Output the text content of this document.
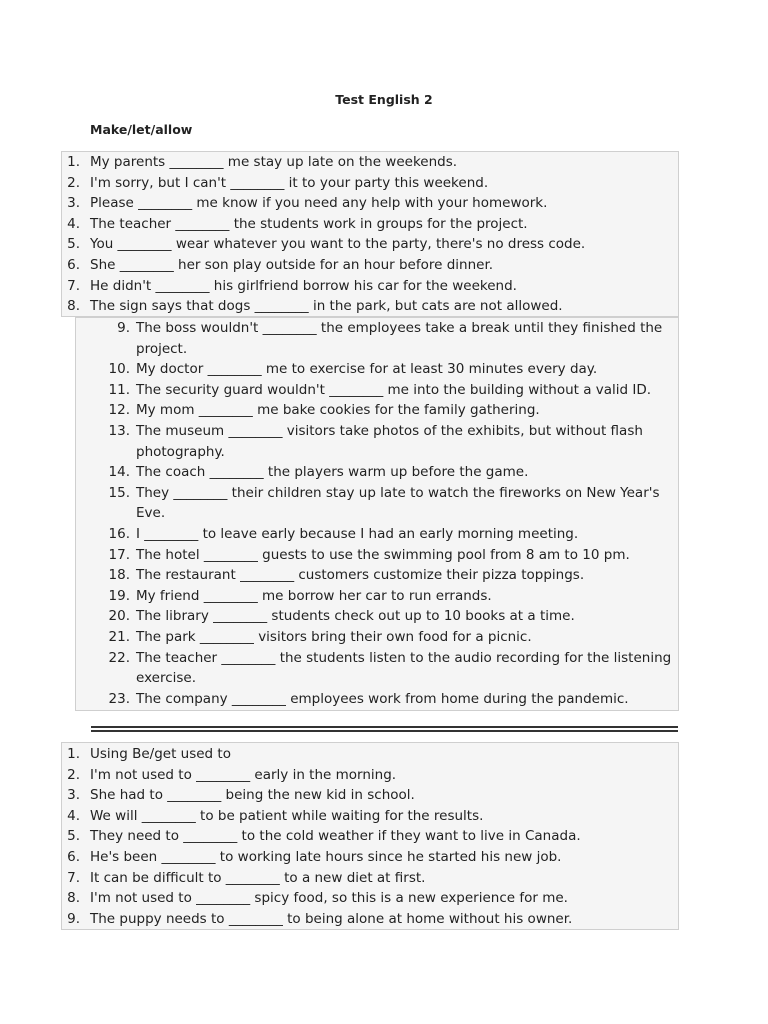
Test English 2
Make/let/allow
1. My parents ________ me stay up late on the weekends.
2. I'm sorry, but I can't ________ it to your party this weekend.
3. Please ________ me know if you need any help with your homework.
4. The teacher ________ the students work in groups for the project.
5. You ________ wear whatever you want to the party, there's no dress code.
6. She ________ her son play outside for an hour before dinner.
7. He didn't ________ his girlfriend borrow his car for the weekend.
8. The sign says that dogs ________ in the park, but cats are not allowed.
9. The boss wouldn't ________ the employees take a break until they finished the
project.
10. My doctor ________ me to exercise for at least 30 minutes every day.
11. The security guard wouldn't ________ me into the building without a valid ID.
12. My mom ________ me bake cookies for the family gathering.
13. The museum ________ visitors take photos of the exhibits, but without flash
photography.
14. The coach ________ the players warm up before the game.
15. They ________ their children stay up late to watch the fireworks on New Year's
Eve.
16. I ________ to leave early because I had an early morning meeting.
17. The hotel ________ guests to use the swimming pool from 8 am to 10 pm.
18. The restaurant ________ customers customize their pizza toppings.
19. My friend ________ me borrow her car to run errands.
20. The library ________ students check out up to 10 books at a time.
21. The park ________ visitors bring their own food for a picnic.
22. The teacher ________ the students listen to the audio recording for the listening
exercise.
23. The company ________ employees work from home during the pandemic.
1. Using Be/get used to
2. I'm not used to ________ early in the morning.
3. She had to ________ being the new kid in school.
4. We will ________ to be patient while waiting for the results.
5. They need to ________ to the cold weather if they want to live in Canada.
6. He's been ________ to working late hours since he started his new job.
7. It can be difficult to ________ to a new diet at first.
8. I'm not used to ________ spicy food, so this is a new experience for me.
9. The puppy needs to ________ to being alone at home without his owner.
